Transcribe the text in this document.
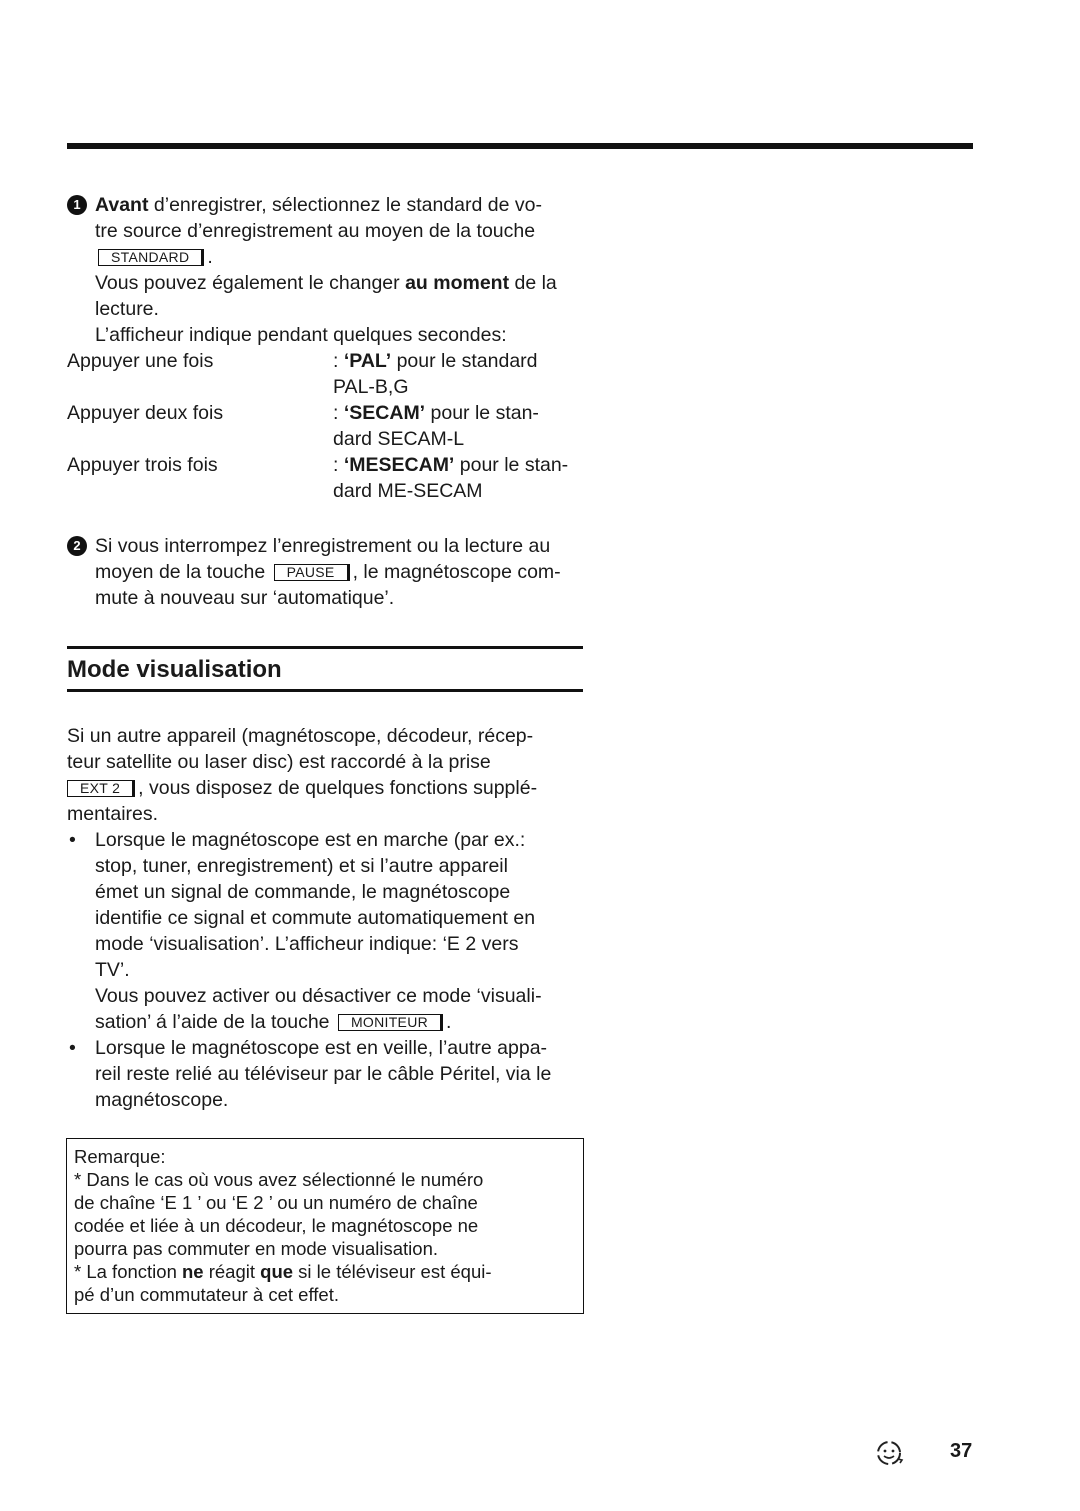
1 Avant d’enregistrer, sélectionnez le standard de vo-
tre source d’enregistrement au moyen de la touche
STANDARD .
Vous pouvez également le changer au moment de la
lecture.
L’afficheur indique pendant quelques secondes:
Appuyer une fois	: ‘PAL’ pour le standard
PAL-B,G
Appuyer deux fois	: ‘SECAM’ pour le stan-
dard SECAM-L
Appuyer trois fois	: ‘MESECAM’ pour le stan-
dard ME-SECAM
2 Si vous interrompez l’enregistrement ou la lecture au
moyen de la touche PAUSE , le magnétoscope com-
mute à nouveau sur ‘automatique’.
Mode visualisation
Si un autre appareil (magnétoscope, décodeur, récep-
teur satellite ou laser disc) est raccordé à la prise
EXT 2 , vous disposez de quelques fonctions supplé-
mentaires.
• Lorsque le magnétoscope est en marche (par ex.:
stop, tuner, enregistrement) et si l’autre appareil
émet un signal de commande, le magnétoscope
identifie ce signal et commute automatiquement en
mode ‘visualisation’. L’afficheur indique: ‘E 2 vers
TV’.
Vous pouvez activer ou désactiver ce mode ‘visuali-
sation’ á l’aide de la touche MONITEUR .
• Lorsque le magnétoscope est en veille, l’autre appa-
reil reste relié au téléviseur par le câble Péritel, via le
magnétoscope.
Remarque:
* Dans le cas où vous avez sélectionné le numéro
de chaîne ‘E 1 ’ ou ‘E 2 ’ ou un numéro de chaîne
codée et liée à un décodeur, le magnétoscope ne
pourra pas commuter en mode visualisation.
* La fonction ne réagit que si le téléviseur est équi-
pé d’un commutateur à cet effet.
37
